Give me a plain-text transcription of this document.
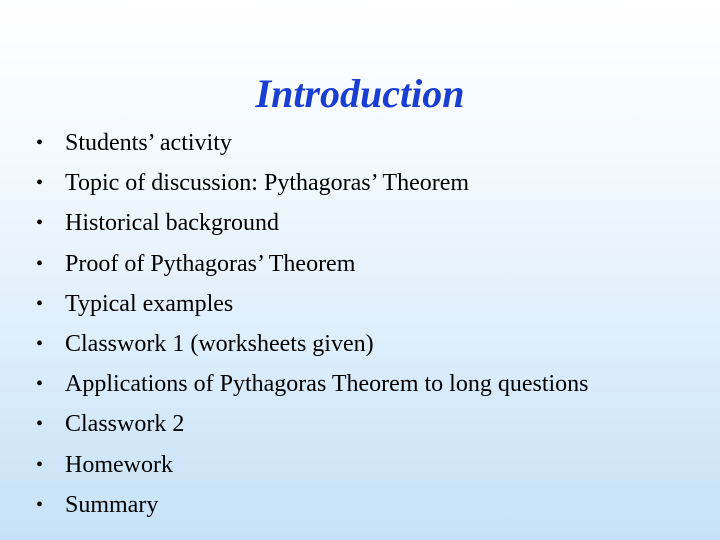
Introduction
• Students’ activity
• Topic of discussion: Pythagoras’ Theorem
• Historical background
• Proof of Pythagoras’ Theorem
• Typical examples
• Classwork 1 (worksheets given)
• Applications of Pythagoras Theorem to long questions
• Classwork 2
• Homework
• Summary
